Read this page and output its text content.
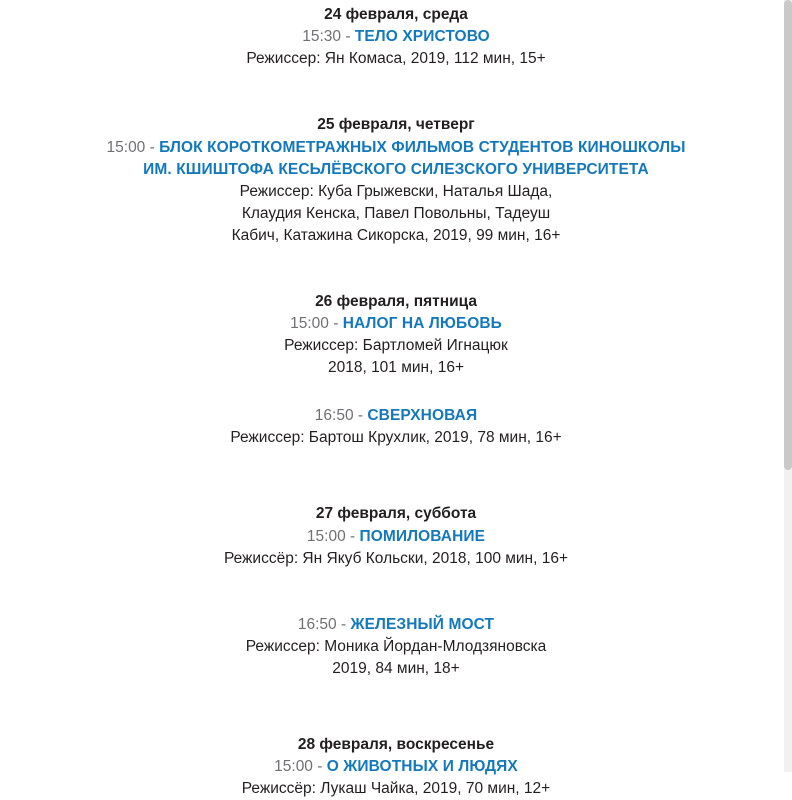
24 февраля, среда

15:30 - ТЕЛО ХРИСТОВО

Режиссер: Ян Комаса, 2019, 112 мин, 15+

25 февраля, четверг

15:00 - БЛОК КОРОТКОМЕТРАЖНЫХ ФИЛЬМОВ СТУДЕНТОВ КИНОШКОЛЫ ИМ. КШИШТОФА КЕСЬЛЁВСКОГО СИЛЕЗСКОГО УНИВЕРСИТЕТА

Режиссер: Куба Грыжевски, Наталья Шада,

Клаудия Кенска, Павел Повольны, Тадеуш

Кабич, Катажина Сикорска, 2019, 99 мин, 16+

26 февраля, пятница

15:00 - НАЛОГ НА ЛЮБОВЬ

Режиссер: Бартломей Игнацюк

2018, 101 мин, 16+

16:50 - СВЕРХНОВАЯ

Режиссер: Бартош Крухлик, 2019, 78 мин, 16+

27 февраля, суббота

15:00 - ПОМИЛОВАНИЕ

Режиссёр: Ян Якуб Кольски, 2018, 100 мин, 16+

16:50 - ЖЕЛЕЗНЫЙ МОСТ

Режиссер: Моника Йордан-Млодзяновска

2019, 84 мин, 18+

28 февраля, воскресенье

15:00 - О ЖИВОТНЫХ И ЛЮДЯХ

Режиссёр: Лукаш Чайка, 2019, 70 мин, 12+
